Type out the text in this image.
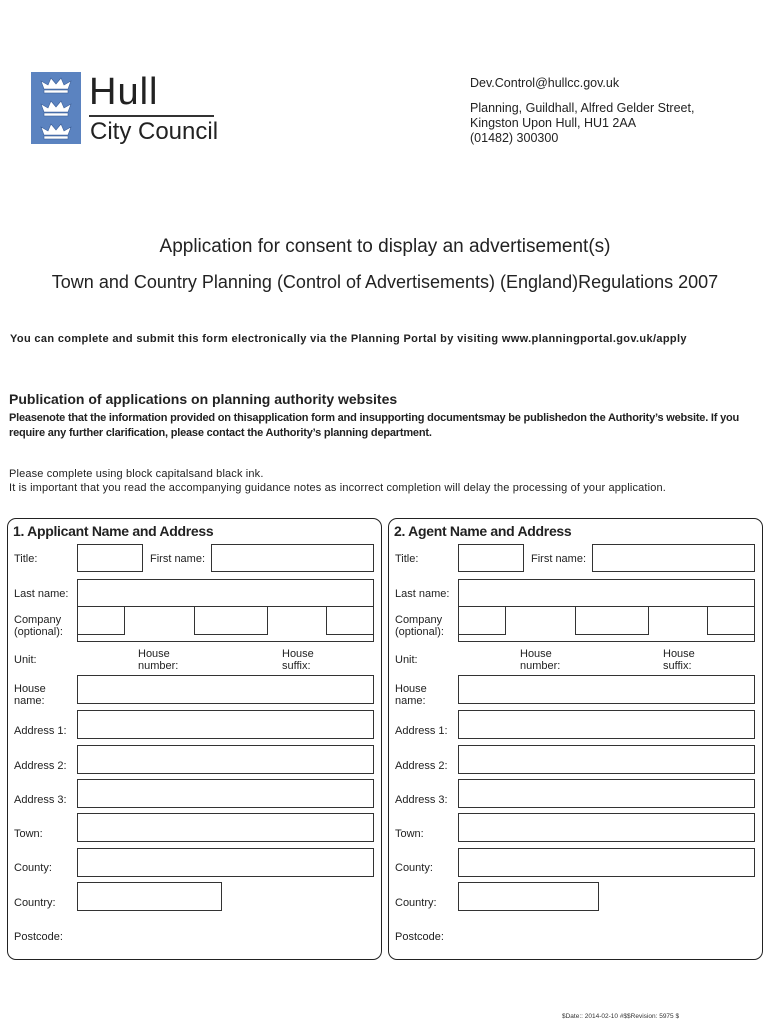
Hull
City Council
Dev.Control@hullcc.gov.uk
Planning, Guildhall, Alfred Gelder Street,
Kingston Upon Hull, HU1 2AA
(01482) 300300
Application for consent to display an advertisement(s)
Town and Country Planning (Control of Advertisements) (England)Regulations 2007
You can complete and submit this form electronically via the Planning Portal by visiting www.planningportal.gov.uk/apply
Publication of applications on planning authority websites
Pleasenote that the information provided on thisapplication form and insupporting documentsmay be publishedon the Authority’s website. If you require any further clarification, please contact the Authority’s planning department.
Please complete using block capitalsand black ink.
It is important that you read the accompanying guidance notes as incorrect completion will delay the processing of your application.
1. Applicant Name and Address
Title:	First name:
Last name:
Company
(optional):
Unit:	House
number:
House
suffix:
House
name:
Address 1:
Address 2:
Address 3:
Town:
County:
Country:
Postcode:
2. Agent Name and Address
Title:	First name:
Last name:
Company
(optional):
Unit:	House
number:
House
suffix:
House
name:
Address 1:
Address 2:
Address 3:
Town:
County:
Country:
Postcode:
$Date:: 2014-02-10 #$$Revision: 5975 $
